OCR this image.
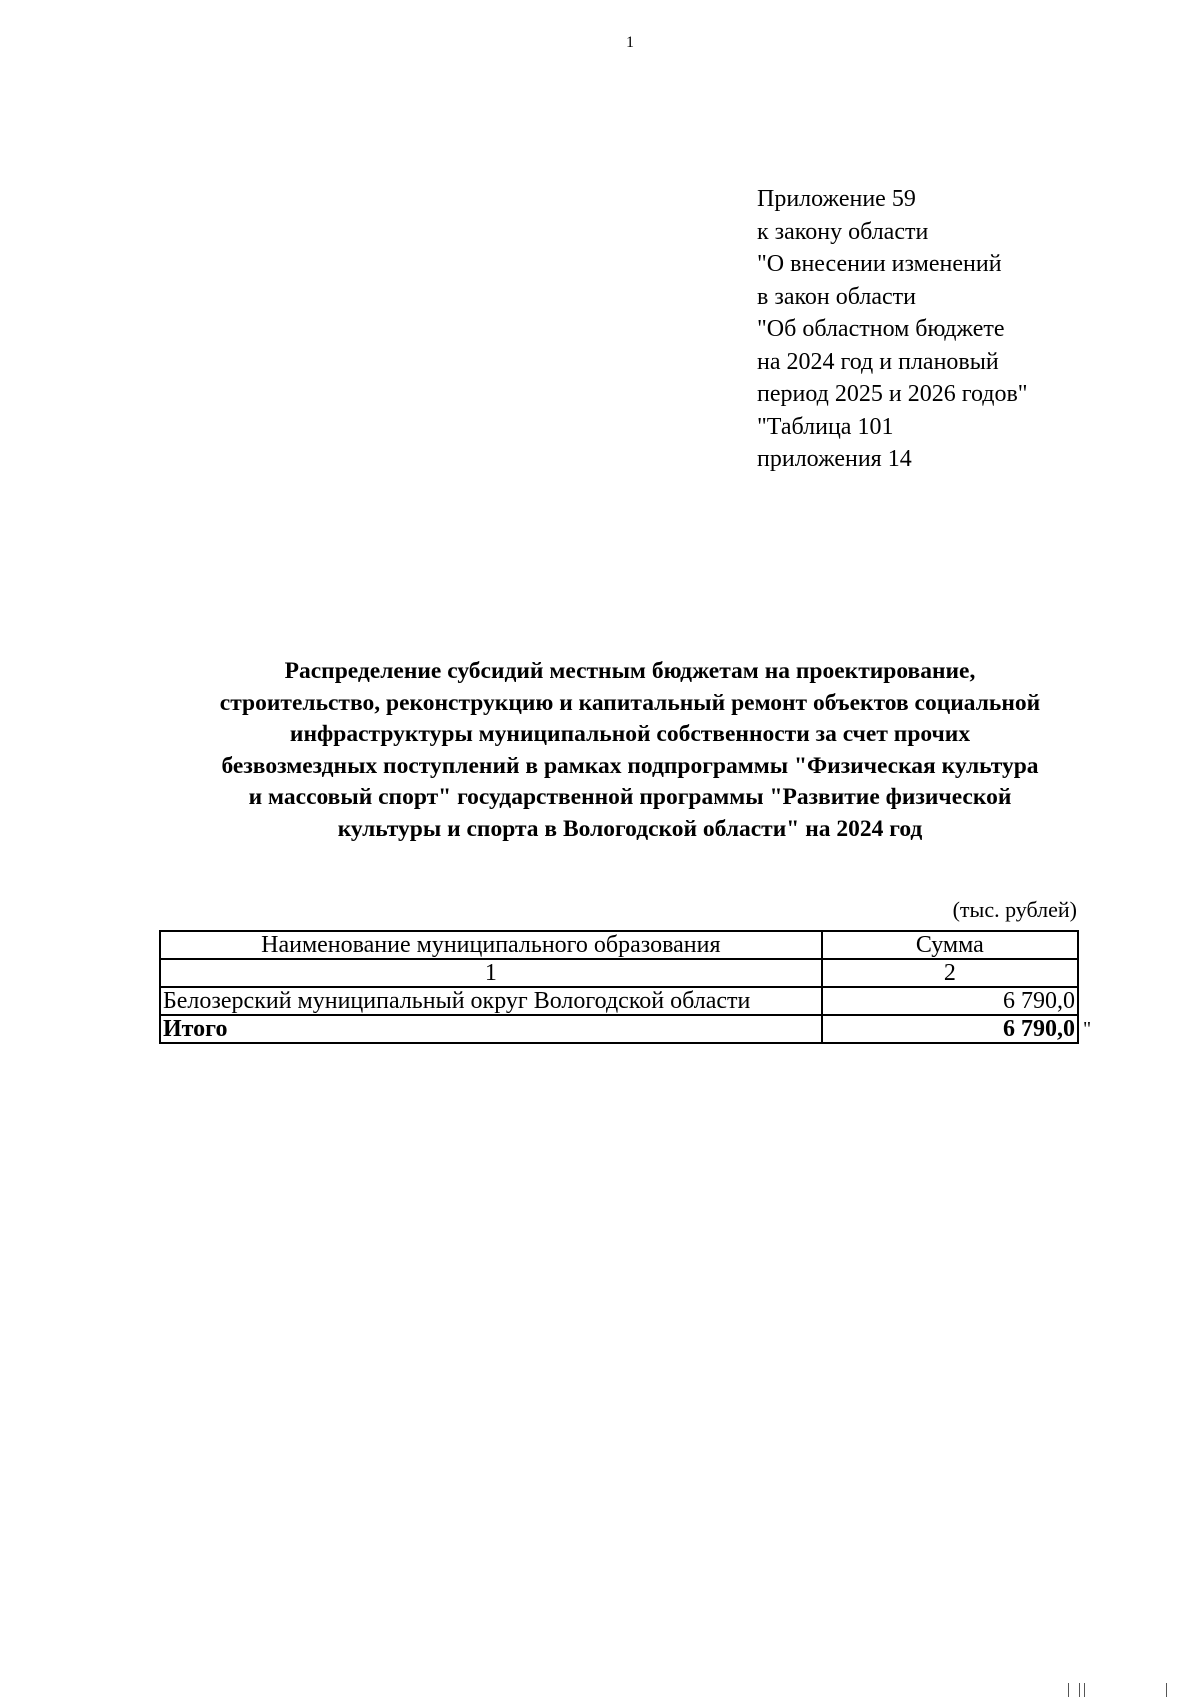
1
Приложение 59
к закону области
"О внесении изменений
в закон области
"Об областном бюджете
на 2024 год и плановый
период 2025 и 2026 годов"
"Таблица 101
приложения 14
Распределение субсидий местным бюджетам на проектирование,
строительство, реконструкцию и капитальный ремонт объектов социальной
инфраструктуры муниципальной собственности за счет прочих
безвозмездных поступлений в рамках подпрограммы "Физическая культура
и массовый спорт" государственной программы "Развитие физической
культуры и спорта в Вологодской области" на 2024 год
(тыс. рублей)
Наименование муниципального образования	Сумма
1	2
Белозерский муниципальный округ Вологодской области	6 790,0
Итого	6 790,0 "
